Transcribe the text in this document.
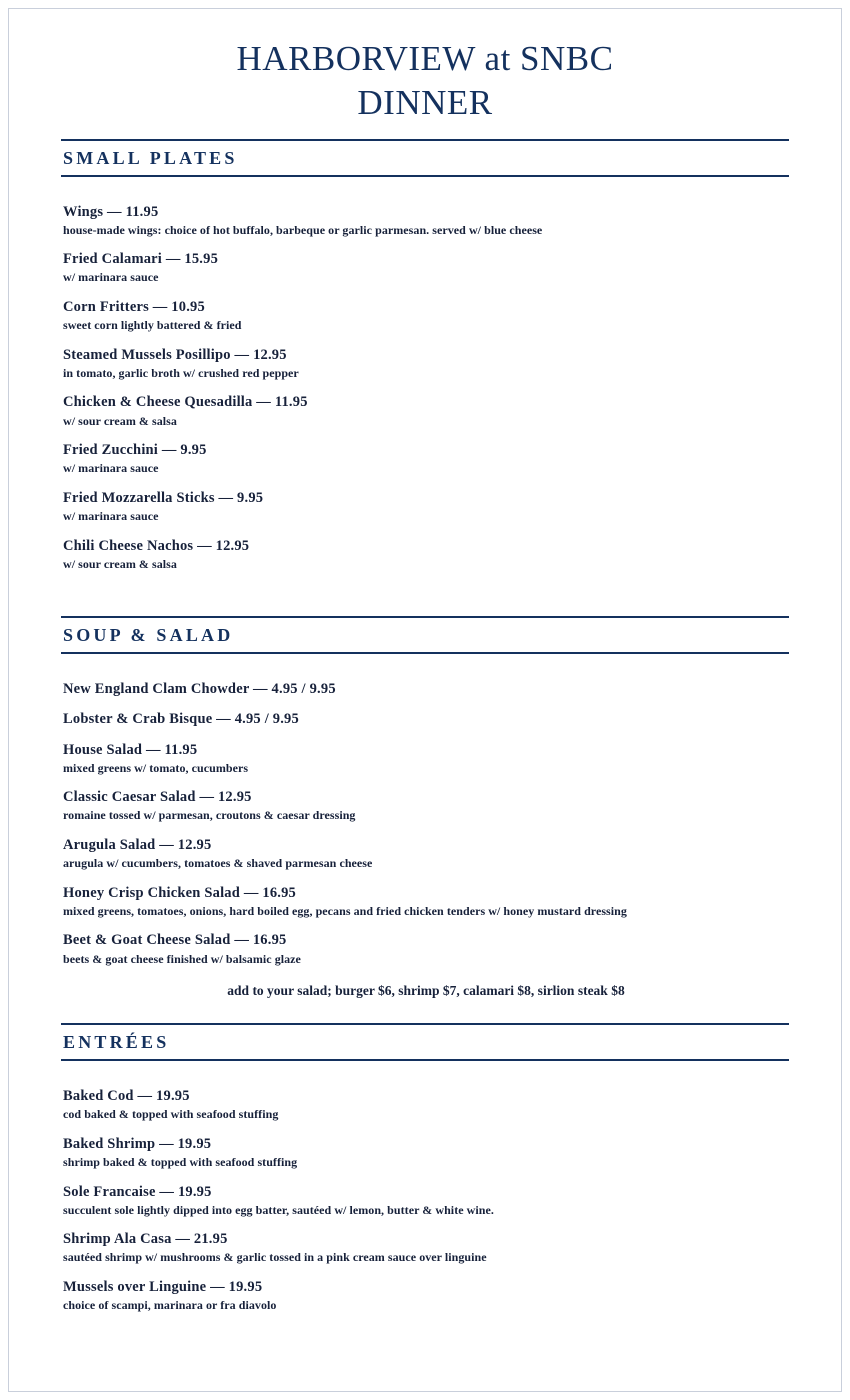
HARBORVIEW at SNBC
DINNER
SMALL PLATES
Wings — 11.95
house-made wings: choice of hot buffalo, barbeque or garlic parmesan. served w/ blue cheese
Fried Calamari — 15.95
w/ marinara sauce
Corn Fritters — 10.95
sweet corn lightly battered & fried
Steamed Mussels Posillipo — 12.95
in tomato, garlic broth w/ crushed red pepper
Chicken & Cheese Quesadilla — 11.95
w/ sour cream & salsa
Fried Zucchini — 9.95
w/ marinara sauce
Fried Mozzarella Sticks — 9.95
w/ marinara sauce
Chili Cheese Nachos — 12.95
w/ sour cream & salsa
SOUP & SALAD
New England Clam Chowder — 4.95 / 9.95
Lobster & Crab Bisque — 4.95 / 9.95
House Salad — 11.95
mixed greens w/ tomato, cucumbers
Classic Caesar Salad — 12.95
romaine tossed w/ parmesan, croutons & caesar dressing
Arugula Salad — 12.95
arugula w/ cucumbers, tomatoes & shaved parmesan cheese
Honey Crisp Chicken Salad — 16.95
mixed greens, tomatoes, onions, hard boiled egg, pecans and fried chicken tenders w/ honey mustard dressing
Beet & Goat Cheese Salad — 16.95
beets & goat cheese finished w/ balsamic glaze
add to your salad; burger $6, shrimp $7, calamari $8, sirlion steak $8
ENTRÉES
Baked Cod — 19.95
cod baked & topped with seafood stuffing
Baked Shrimp — 19.95
shrimp baked & topped with seafood stuffing
Sole Francaise — 19.95
succulent sole lightly dipped into egg batter, sautéed w/ lemon, butter & white wine.
Shrimp Ala Casa — 21.95
sautéed shrimp w/ mushrooms & garlic tossed in a pink cream sauce over linguine
Mussels over Linguine — 19.95
choice of scampi, marinara or fra diavolo
